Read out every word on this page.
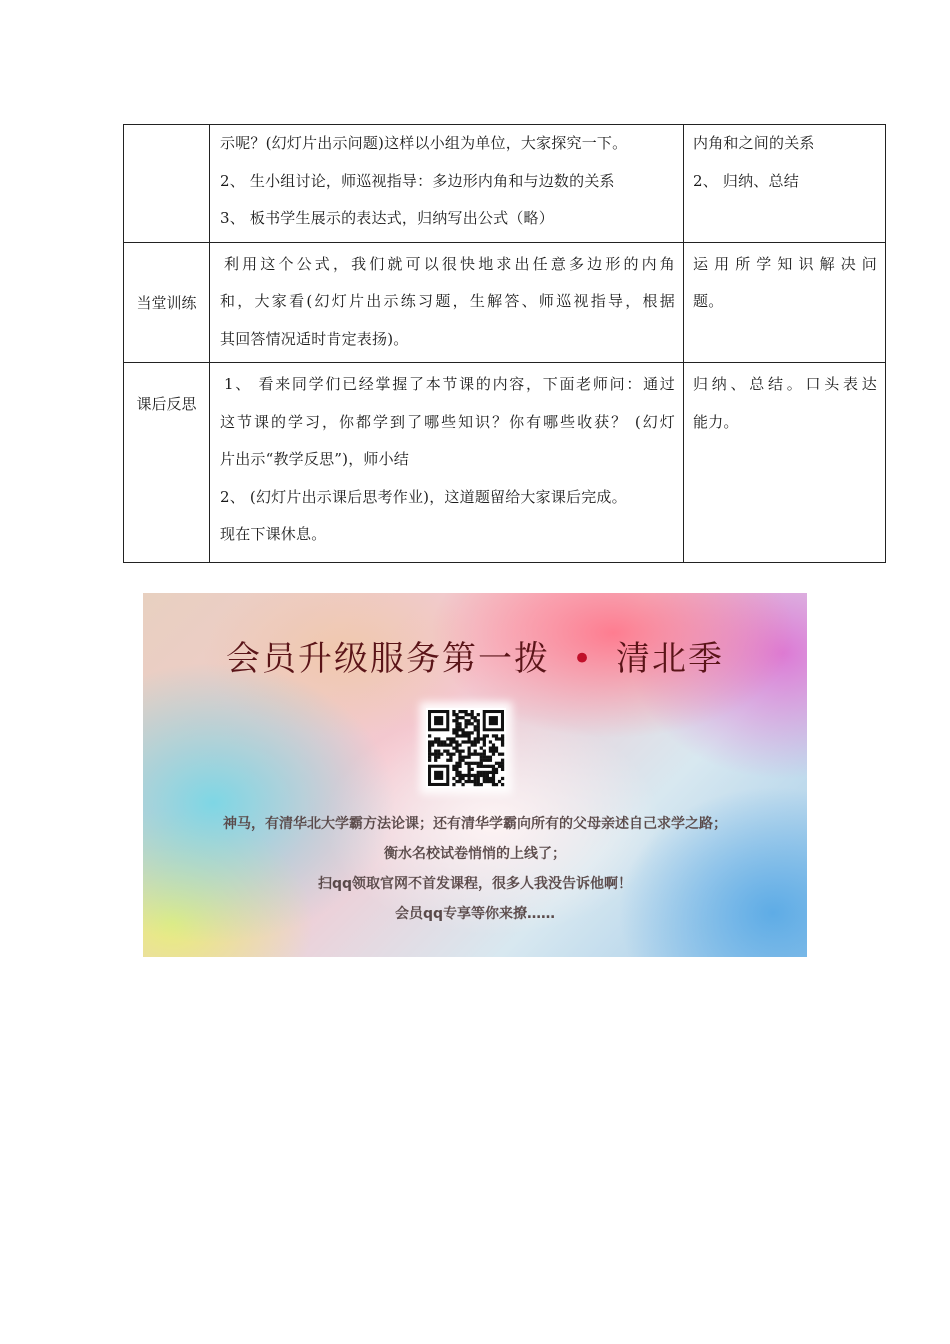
	示呢？(幻灯片出示问题)这样以小组为单位，大家探究一下。
2、 生小组讨论，师巡视指导：多边形内角和与边数的关系
3、 板书学生展示的表达式，归纳写出公式（略）	内角和之间的关系
2、 归纳、总结

当堂训练	利用这个公式，我们就可以很快地求出任意多边形的内角
和，大家看(幻灯片出示练习题，生解答、师巡视指导，根据
其回答情况适时肯定表扬)。	运用所学知识解决问
题。

课后反思	1、 看来同学们已经掌握了本节课的内容，下面老师问：通过
这节课的学习，你都学到了哪些知识？你有哪些收获？ (幻灯
片出示“教学反思”)，师小结
2、 (幻灯片出示课后思考作业)，这道题留给大家课后完成。
现在下课休息。	归纳、总结。口头表达
能力。
会员升级服务第一拨 • 清北季
神马，有清华北大学霸方法论课；还有清华学霸向所有的父母亲述自己求学之路；
衡水名校试卷悄悄的上线了；
扫qq领取官网不首发课程，很多人我没告诉他啊！
会员qq专享等你来撩……
